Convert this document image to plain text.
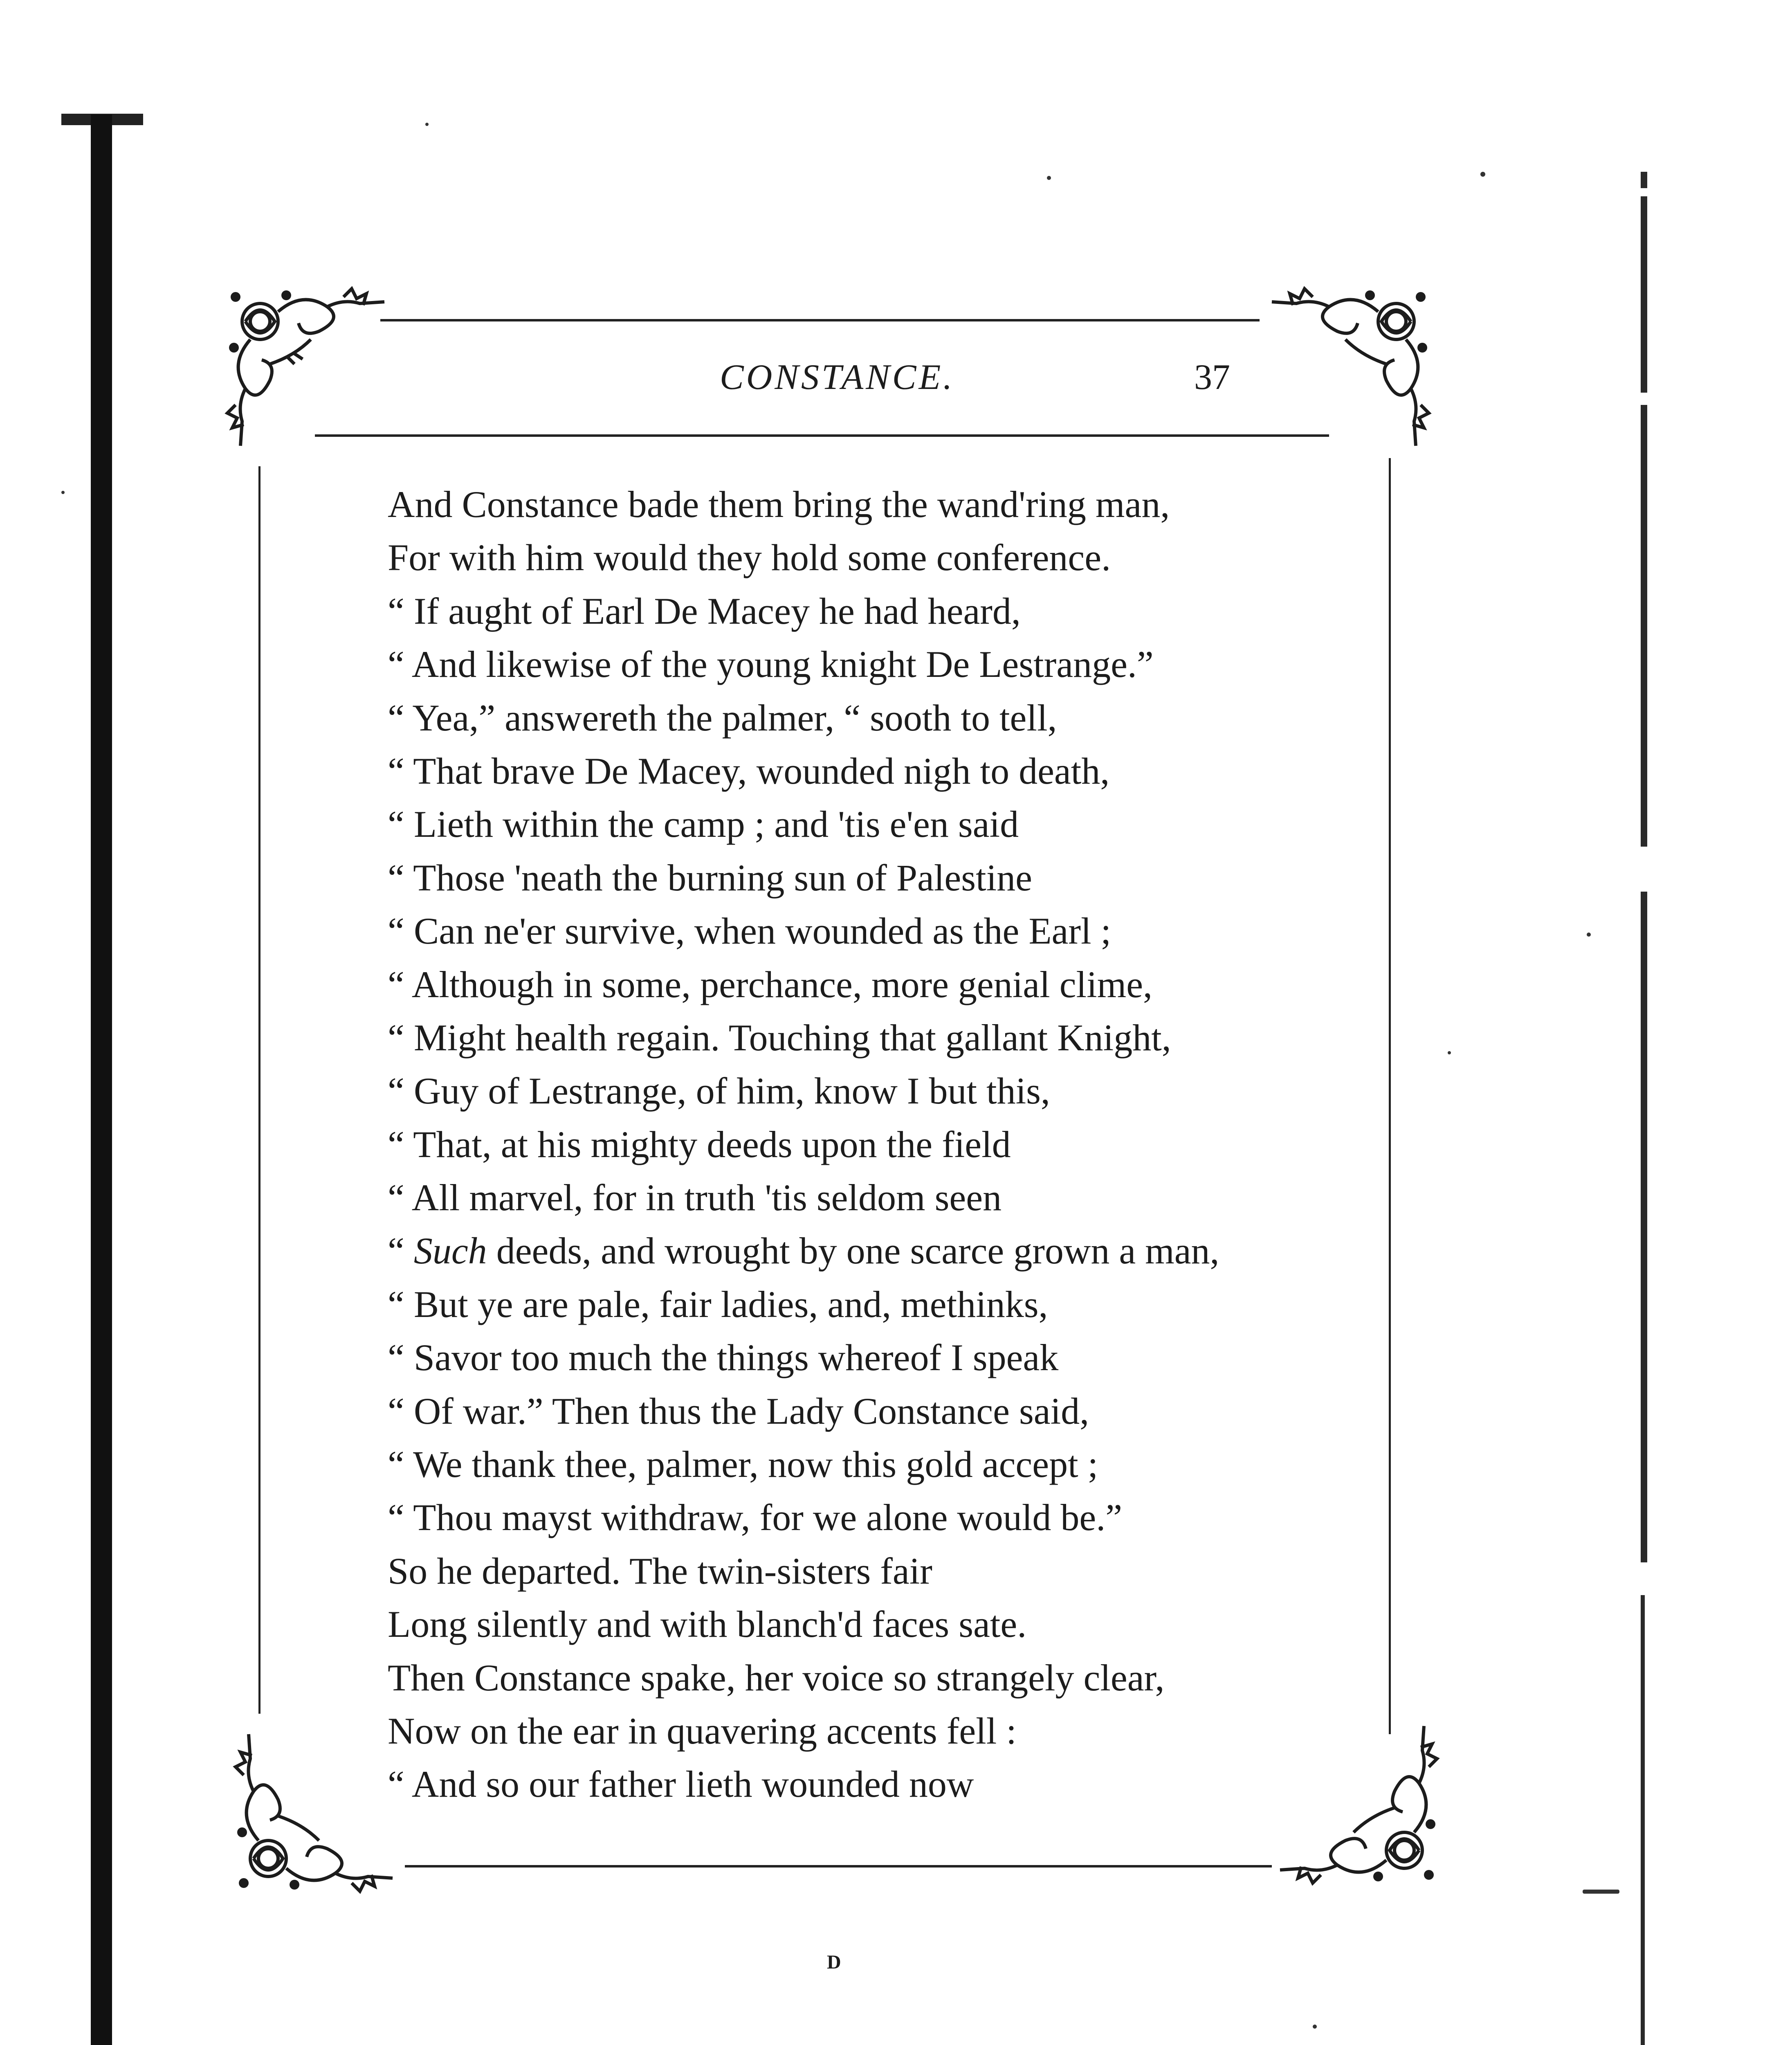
CONSTANCE.	37
And Constance bade them bring the wand'ring man,
For with him would they hold some conference.
“ If aught of Earl De Macey he had heard,
“ And likewise of the young knight De Lestrange.”
“ Yea,” answereth the palmer, “ sooth to tell,
“ That brave De Macey, wounded nigh to death,
“ Lieth within the camp ; and 'tis e'en said
“ Those 'neath the burning sun of Palestine
“ Can ne'er survive, when wounded as the Earl ;
“ Although in some, perchance, more genial clime,
“ Might health regain. Touching that gallant Knight,
“ Guy of Lestrange, of him, know I but this,
“ That, at his mighty deeds upon the field
“ All marvel, for in truth 'tis seldom seen
“ Such deeds, and wrought by one scarce grown a man,
“ But ye are pale, fair ladies, and, methinks,
“ Savor too much the things whereof I speak
“ Of war.” Then thus the Lady Constance said,
“ We thank thee, palmer, now this gold accept ;
“ Thou mayst withdraw, for we alone would be.”
So he departed. The twin-sisters fair
Long silently and with blanch'd faces sate.
Then Constance spake, her voice so strangely clear,
Now on the ear in quavering accents fell :
“ And so our father lieth wounded now
D
